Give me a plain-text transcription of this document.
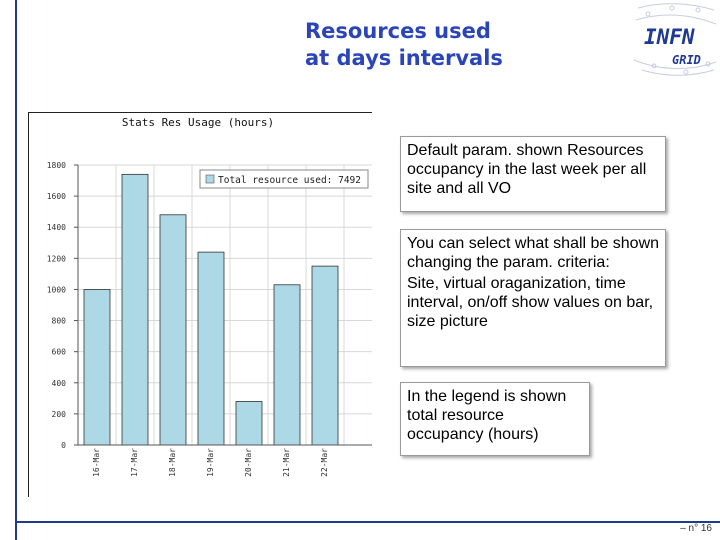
Resources used
at days intervals
INFN
GRID
Stats Res Usage (hours)
0
200
400
600
800
1000
1200
1400
1600
1800
16-Mar	17-Mar	18-Mar	19-Mar	20-Mar	21-Mar	22-Mar
Total resource used: 7492

Default param. shown Resources occupancy in the last week per all site and all VO

You can select what shall be shown changing the param. criteria:

Site, virtual oraganization, time interval, on/off show values on bar, size picture

In the legend is shown total resource occupancy (hours)

– n° 16
